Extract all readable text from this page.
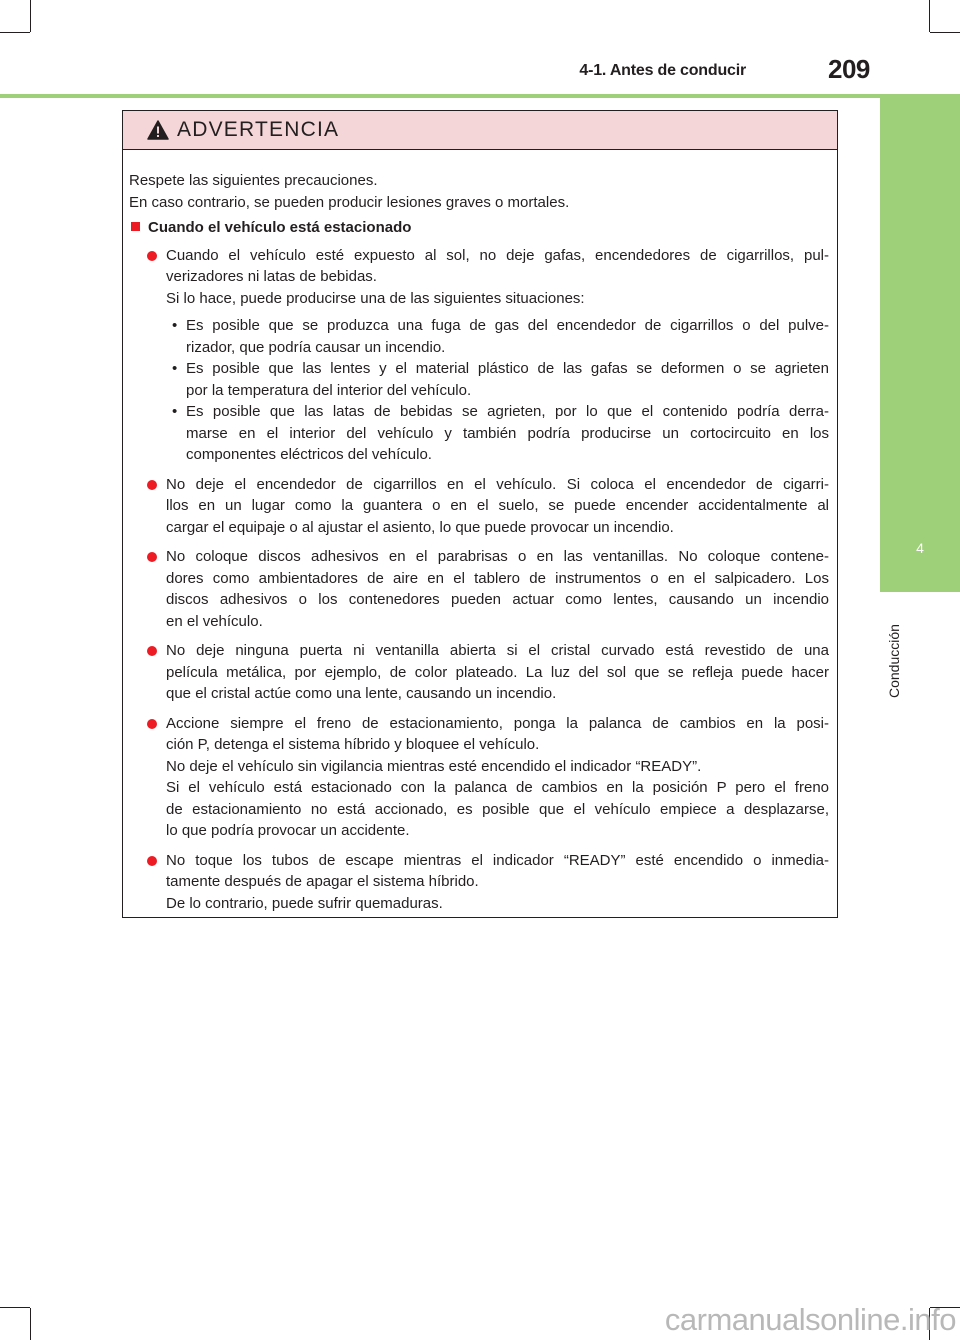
4-1. Antes de conducir	209
4
Conducción
ADVERTENCIA
Respete las siguientes precauciones.
En caso contrario, se pueden producir lesiones graves o mortales.
Cuando el vehículo está estacionado
Cuando el vehículo esté expuesto al sol, no deje gafas, encendedores de cigarrillos, pul-
verizadores ni latas de bebidas.
Si lo hace, puede producirse una de las siguientes situaciones:
• Es posible que se produzca una fuga de gas del encendedor de cigarrillos o del pulve-
rizador, que podría causar un incendio.
• Es posible que las lentes y el material plástico de las gafas se deformen o se agrieten
por la temperatura del interior del vehículo.
• Es posible que las latas de bebidas se agrieten, por lo que el contenido podría derra-
marse en el interior del vehículo y también podría producirse un cortocircuito en los
componentes eléctricos del vehículo.
No deje el encendedor de cigarrillos en el vehículo. Si coloca el encendedor de cigarri-
llos en un lugar como la guantera o en el suelo, se puede encender accidentalmente al
cargar el equipaje o al ajustar el asiento, lo que puede provocar un incendio.
No coloque discos adhesivos en el parabrisas o en las ventanillas. No coloque contene-
dores como ambientadores de aire en el tablero de instrumentos o en el salpicadero. Los
discos adhesivos o los contenedores pueden actuar como lentes, causando un incendio
en el vehículo.
No deje ninguna puerta ni ventanilla abierta si el cristal curvado está revestido de una
película metálica, por ejemplo, de color plateado. La luz del sol que se refleja puede hacer
que el cristal actúe como una lente, causando un incendio.
Accione siempre el freno de estacionamiento, ponga la palanca de cambios en la posi-
ción P, detenga el sistema híbrido y bloquee el vehículo.
No deje el vehículo sin vigilancia mientras esté encendido el indicador “READY”.
Si el vehículo está estacionado con la palanca de cambios en la posición P pero el freno
de estacionamiento no está accionado, es posible que el vehículo empiece a desplazarse,
lo que podría provocar un accidente.
No toque los tubos de escape mientras el indicador “READY” esté encendido o inmedia-
tamente después de apagar el sistema híbrido.
De lo contrario, puede sufrir quemaduras.
carmanualsonline.info
